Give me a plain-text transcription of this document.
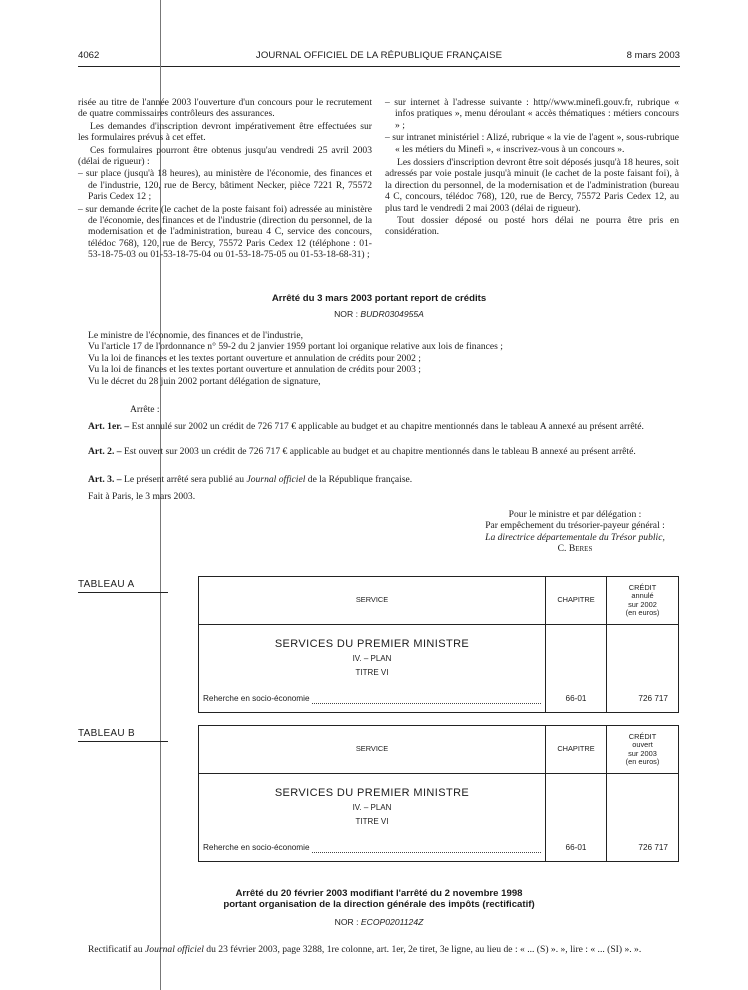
4062	JOURNAL OFFICIEL DE LA RÉPUBLIQUE FRANÇAISE	8 mars 2003

risée au titre de l'année 2003 l'ouverture d'un concours pour le recrutement de quatre commissaires contrôleurs des assurances.

Les demandes d'inscription devront impérativement être effectuées sur les formulaires prévus à cet effet.

Ces formulaires pourront être obtenus jusqu'au vendredi 25 avril 2003 (délai de rigueur) :

– sur place (jusqu'à 18 heures), au ministère de l'économie, des finances et de l'industrie, 120, rue de Bercy, bâtiment Necker, pièce 7221 R, 75572 Paris Cedex 12 ;

– sur demande écrite (le cachet de la poste faisant foi) adressée au ministère de l'économie, des finances et de l'industrie (direction du personnel, de la modernisation et de l'administration, bureau 4 C, service des concours, télédoc 768), 120, rue de Bercy, 75572 Paris Cedex 12 (téléphone : 01-53-18-75-03 ou 01-53-18-75-04 ou 01-53-18-75-05 ou 01-53-18-68-31) ;

– sur internet à l'adresse suivante : http//www.minefi.gouv.fr, rubrique « infos pratiques », menu déroulant « accès thématiques : métiers concours » ;

– sur intranet ministériel : Alizé, rubrique « la vie de l'agent », sous-rubrique « les métiers du Minefi », « inscrivez-vous à un concours ».

Les dossiers d'inscription devront être soit déposés jusqu'à 18 heures, soit adressés par voie postale jusqu'à minuit (le cachet de la poste faisant foi), à la direction du personnel, de la modernisation et de l'administration (bureau 4 C, concours, télédoc 768), 120, rue de Bercy, 75572 Paris Cedex 12, au plus tard le vendredi 2 mai 2003 (délai de rigueur).

Tout dossier déposé ou posté hors délai ne pourra être pris en considération.

Arrêté du 3 mars 2003 portant report de crédits
NOR : BUDR0304955A

Le ministre de l'économie, des finances et de l'industrie,

Vu l'article 17 de l'ordonnance n° 59-2 du 2 janvier 1959 portant loi organique relative aux lois de finances ;

Vu la loi de finances et les textes portant ouverture et annulation de crédits pour 2002 ;

Vu la loi de finances et les textes portant ouverture et annulation de crédits pour 2003 ;

Vu le décret du 28 juin 2002 portant délégation de signature,

Arrête :
Art. 1er. – Est annulé sur 2002 un crédit de 726 717 € applicable au budget et au chapitre mentionnés dans le tableau A annexé au présent arrêté.
Art. 2. – Est ouvert sur 2003 un crédit de 726 717 € applicable au budget et au chapitre mentionnés dans le tableau B annexé au présent arrêté.
Art. 3. – Le présent arrêté sera publié au Journal officiel de la République française.
Fait à Paris, le 3 mars 2003.

Pour le ministre et par délégation :

Par empêchement du trésorier-payeur général :

La directrice départementale du Trésor public,

C. Beres

TABLEAU A
SERVICE	CHAPITRE	CRÉDIT
annulé
sur 2002
(en euros)

SERVICES DU PREMIER MINISTRE
IV. – PLAN
TITRE VI
Reherche en socio-économie	66-01	726 717
TABLEAU B
SERVICE	CHAPITRE	CRÉDIT
ouvert
sur 2003
(en euros)

SERVICES DU PREMIER MINISTRE
IV. – PLAN
TITRE VI
Reherche en socio-économie	66-01	726 717
Arrêté du 20 février 2003 modifiant l'arrêté du 2 novembre 1998
portant organisation de la direction générale des impôts (rectificatif)
NOR : ECOP0201124Z
Rectificatif au Journal officiel du 23 février 2003, page 3288, 1re colonne, art. 1er, 2e tiret, 3e ligne, au lieu de : « ... (S) ». », lire : « ... (SI) ». ».
